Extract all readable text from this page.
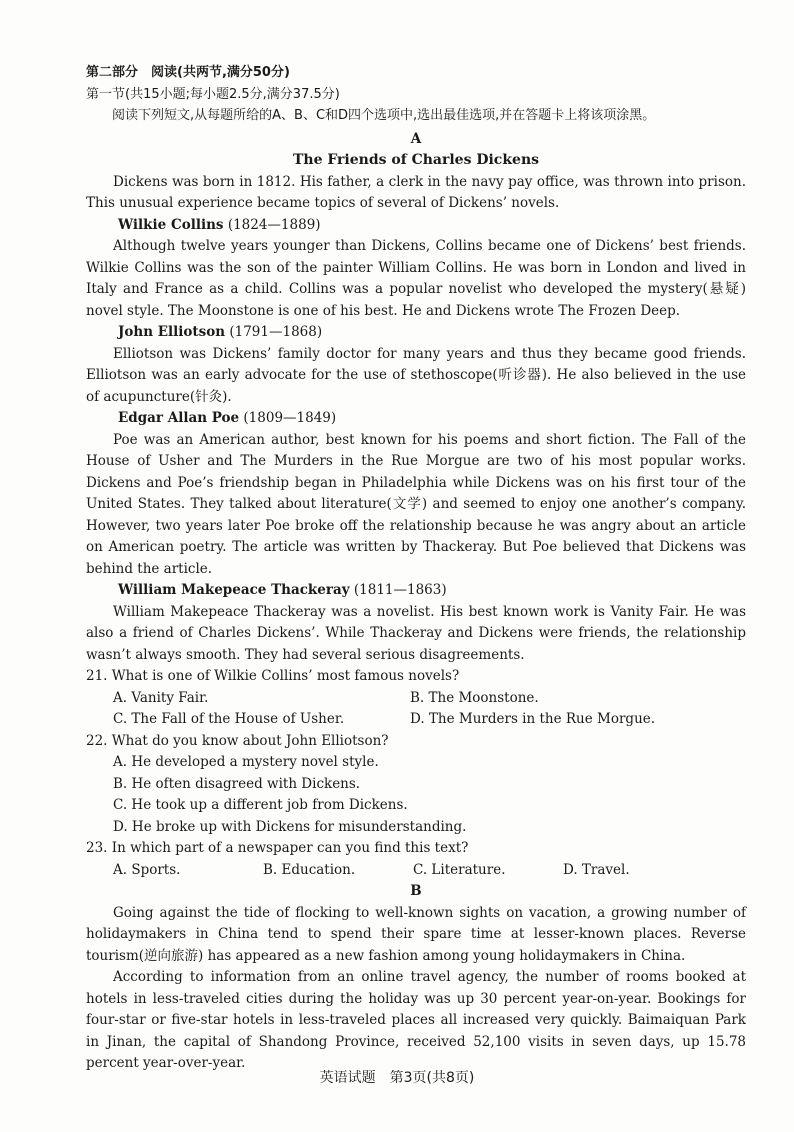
第二部分　阅读(共两节,满分50分)

第一节(共15小题;每小题2.5分,满分37.5分)

阅读下列短文,从每题所给的A、B、C和D四个选项中,选出最佳选项,并在答题卡上将该项涂黑。

A

The Friends of Charles Dickens

Dickens was born in 1812. His father, a clerk in the navy pay office, was thrown into prison. This unusual experience became topics of several of Dickens’ novels.

Wilkie Collins (1824—1889)

Although twelve years younger than Dickens, Collins became one of Dickens’ best friends. Wilkie Collins was the son of the painter William Collins. He was born in London and lived in Italy and France as a child. Collins was a popular novelist who developed the mystery(悬疑) novel style. The Moonstone is one of his best. He and Dickens wrote The Frozen Deep.

John Elliotson (1791—1868)

Elliotson was Dickens’ family doctor for many years and thus they became good friends. Elliotson was an early advocate for the use of stethoscope(听诊器). He also believed in the use of acupuncture(针灸).

Edgar Allan Poe (1809—1849)

Poe was an American author, best known for his poems and short fiction. The Fall of the House of Usher and The Murders in the Rue Morgue are two of his most popular works. Dickens and Poe’s friendship began in Philadelphia while Dickens was on his first tour of the United States. They talked about literature(文学) and seemed to enjoy one another’s company. However, two years later Poe broke off the relationship because he was angry about an article on American poetry. The article was written by Thackeray. But Poe believed that Dickens was behind the article.

William Makepeace Thackeray (1811—1863)

William Makepeace Thackeray was a novelist. His best known work is Vanity Fair. He was also a friend of Charles Dickens’. While Thackeray and Dickens were friends, the relationship wasn’t always smooth. They had several serious disagreements.

21. What is one of Wilkie Collins’ most famous novels?

A. Vanity Fair.	B. The Moonstone.
C. The Fall of the House of Usher.	D. The Murders in the Rue Morgue.

22. What do you know about John Elliotson?

A. He developed a mystery novel style.

B. He often disagreed with Dickens.

C. He took up a different job from Dickens.

D. He broke up with Dickens for misunderstanding.

23. In which part of a newspaper can you find this text?

A. Sports.	B. Education.	C. Literature.	D. Travel.

B

Going against the tide of flocking to well-known sights on vacation, a growing number of holidaymakers in China tend to spend their spare time at lesser-known places. Reverse tourism(逆向旅游) has appeared as a new fashion among young holidaymakers in China.

According to information from an online travel agency, the number of rooms booked at hotels in less-traveled cities during the holiday was up 30 percent year-on-year. Bookings for four-star or five-star hotels in less-traveled places all increased very quickly. Baimaiquan Park in Jinan, the capital of Shandong Province, received 52,100 visits in seven days, up 15.78 percent year-over-year.

英语试题　第3页(共8页)
